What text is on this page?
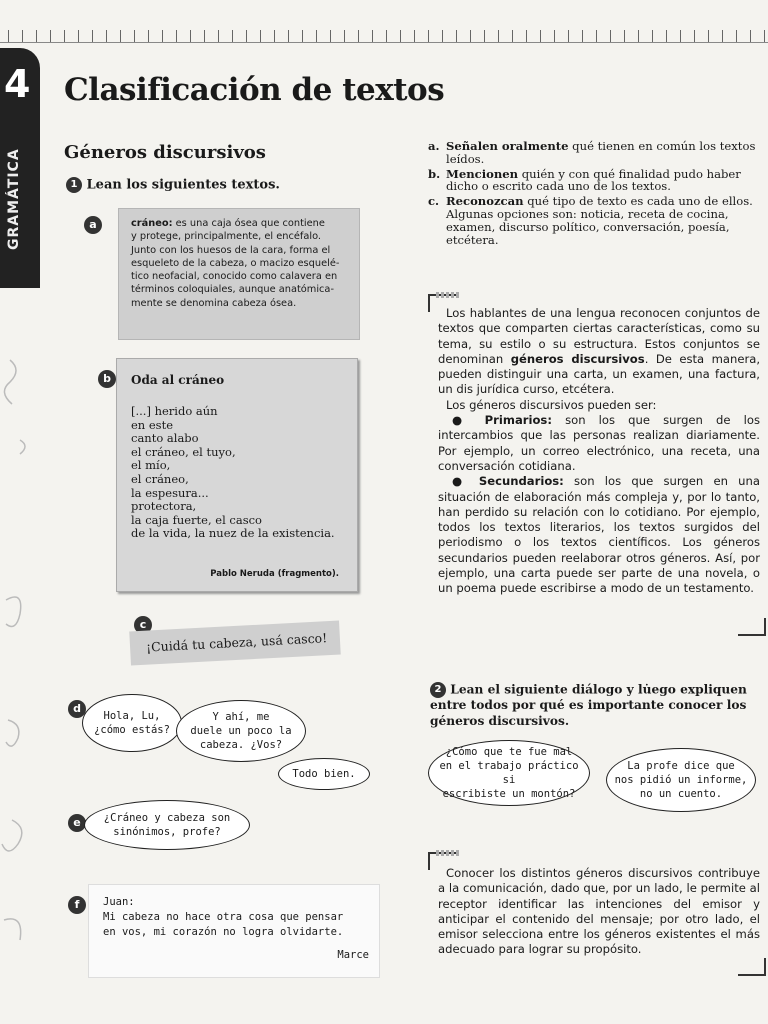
4
GRAMÁTICA
Clasificación de textos
Géneros discursivos
1 Lean los siguientes textos.
a	cráneo: es una caja ósea que contiene
y protege, principalmente, el encéfalo.
Junto con los huesos de la cara, forma el
esqueleto de la cabeza, o macizo esquelé-
tico neofacial, conocido como calavera en
términos coloquiales, aunque anatómica-
mente se denomina cabeza ósea.
b	Oda al cráneo
[...] herido aún
en este
canto alabo
el cráneo, el tuyo,
el mío,
el cráneo,
la espesura...
protectora,
la caja fuerte, el casco
de la vida, la nuez de la existencia.
Pablo Neruda (fragmento).
c
¡Cuidá tu cabeza, usá casco!
d
Hola, Lu,
¿cómo estás?
Y ahí, me
duele un poco la
cabeza. ¿Vos?
Todo bien.
e	¿Cráneo y cabeza son
sinónimos, profe?
f	Juan:
Mi cabeza no hace otra cosa que pensar
en vos, mi corazón no logra olvidarte.
Marce
a. Señalen oralmente qué tienen en común los textos leídos.
b. Mencionen quién y con qué finalidad pudo haber dicho o escrito cada uno de los textos.
c. Reconozcan qué tipo de texto es cada uno de ellos. Algunas opciones son: noticia, receta de cocina, examen, discurso político, conversación, poesía, etcétera.
Los hablantes de una lengua reconocen conjuntos de textos que comparten ciertas características, como su tema, su estilo o su estructura. Estos conjuntos se denominan géneros discursivos. De esta manera, pueden distinguir una carta, un examen, una factura, un dis jurídica curso, etcétera.
Los géneros discursivos pueden ser:
● Primarios: son los que surgen de los intercambios que las personas realizan diariamente. Por ejemplo, un correo electrónico, una receta, una conversación cotidiana.
● Secundarios: son los que surgen en una situación de elaboración más compleja y, por lo tanto, han perdido su relación con lo cotidiano. Por ejemplo, todos los textos literarios, los textos surgidos del periodismo o los textos científicos. Los géneros secundarios pueden reelaborar otros géneros. Así, por ejemplo, una carta puede ser parte de una novela, o un poema puede escribirse a modo de un testamento.
2 Lean el siguiente diálogo y lu̇ego expliquen entre todos por qué es importante conocer los géneros discursivos.
¿Cómo que te fue mal
en el trabajo práctico si
escribiste un montón?
La profe dice que
nos pidió un informe,
no un cuento.
Conocer los distintos géneros discursivos contribuye a la comunicación, dado que, por un lado, le permite al receptor identificar las intenciones del emisor y anticipar el contenido del mensaje; por otro lado, el emisor selecciona entre los géneros existentes el más adecuado para lograr su propósito.
